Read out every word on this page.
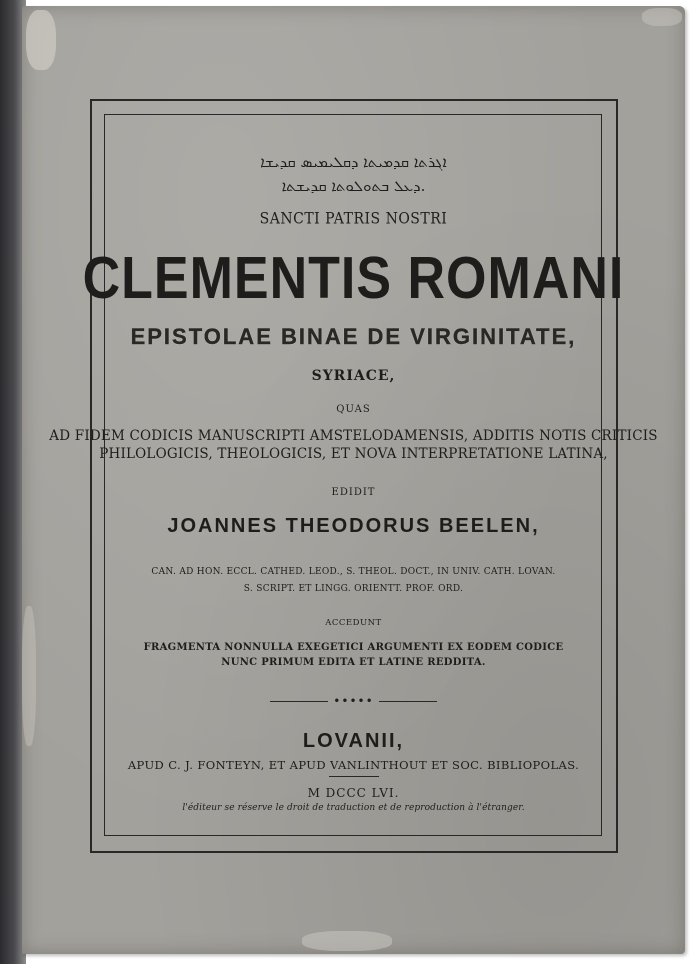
ܐܓܪܬܐ ܩܕܡܝܬܐ ܕܩܠܝܡܝܣ ܩܕܝܫܐ
ܕܥܠ ܒܬܘܠܘܬܐ ܩܕܝܫܬܐ.
SANCTI PATRIS NOSTRI
CLEMENTIS ROMANI
EPISTOLAE BINAE DE VIRGINITATE,
SYRIACE,
QUAS
AD FIDEM CODICIS MANUSCRIPTI AMSTELODAMENSIS, ADDITIS NOTIS CRITICIS
PHILOLOGICIS, THEOLOGICIS, ET NOVA INTERPRETATIONE LATINA,
EDIDIT
JOANNES THEODORUS BEELEN,
CAN. AD HON. ECCL. CATHED. LEOD., S. THEOL. DOCT., IN UNIV. CATH. LOVAN.
S. SCRIPT. ET LINGG. ORIENTT. PROF. ORD.
ACCEDUNT
FRAGMENTA NONNULLA EXEGETICI ARGUMENTI EX EODEM CODICE
NUNC PRIMUM EDITA ET LATINE REDDITA.
•••••
LOVANII,
APUD C. J. FONTEYN, ET APUD VANLINTHOUT ET SOC. BIBLIOPOLAS.
M DCCC LVI.
l'éditeur se réserve le droit de traduction et de reproduction à l'étranger.
